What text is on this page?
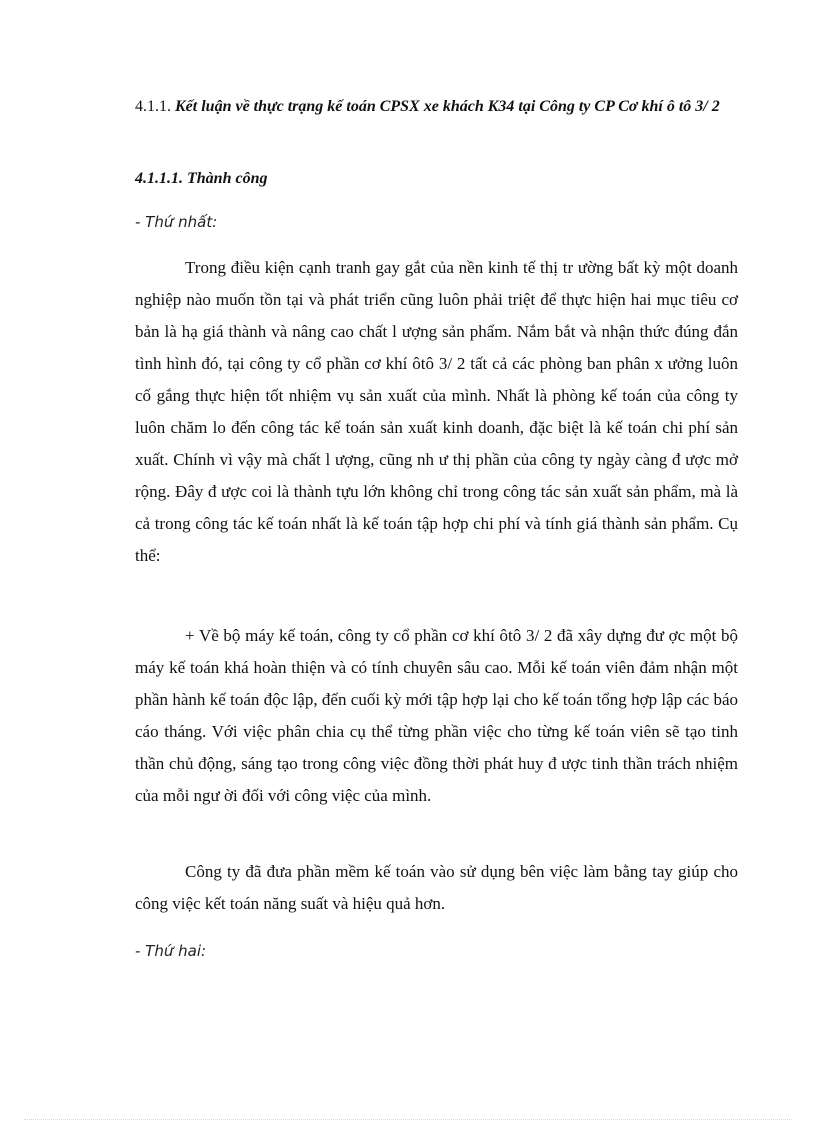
4.1.1. Kết luận về thực trạng kế toán CPSX xe khách K34 tại Công ty CP Cơ khí ô tô 3/ 2
4.1.1.1. Thành công
- Thứ nhất:

Trong điều kiện cạnh tranh gay gắt của nền kinh tế thị tr ường bất kỳ một doanh nghiệp nào muốn tồn tại và phát triển cũng luôn phải triệt để thực hiện hai mục tiêu cơ bản là hạ giá thành và nâng cao chất l ượng sản phẩm. Nắm bắt và nhận thức đúng đắn tình hình đó, tại công ty cổ phần cơ khí ôtô 3/ 2 tất cả các phòng ban phân x ưởng luôn cố gắng thực hiện tốt nhiệm vụ sản xuất của mình. Nhất là phòng kế toán của công ty luôn chăm lo đến công tác kế toán sản xuất kinh doanh, đặc biệt là kế toán chi phí sản xuất. Chính vì vậy mà chất l ượng, cũng nh ư thị phần của công ty ngày càng đ ược mở rộng. Đây đ ược coi là thành tựu lớn không chỉ trong công tác sản xuất sản phẩm, mà là cả trong công tác kế toán nhất là kế toán tập hợp chi phí và tính giá thành sản phẩm. Cụ thể:

+ Về bộ máy kế toán, công ty cổ phần cơ khí ôtô 3/ 2 đã xây dựng đư ợc một bộ máy kế toán khá hoàn thiện và có tính chuyên sâu cao. Mỗi kế toán viên đảm nhận một phần hành kế toán độc lập, đến cuối kỳ mới tập hợp lại cho kế toán tổng hợp lập các báo cáo tháng. Với việc phân chia cụ thể từng phần việc cho từng kế toán viên sẽ tạo tinh thần chủ động, sáng tạo trong công việc đồng thời phát huy đ ược tinh thần trách nhiệm của mỗi ngư ời đối với công việc của mình.

Công ty đã đưa phần mềm kế toán vào sử dụng bên việc làm bằng tay giúp cho công việc kết toán năng suất và hiệu quả hơn.

- Thứ hai:
